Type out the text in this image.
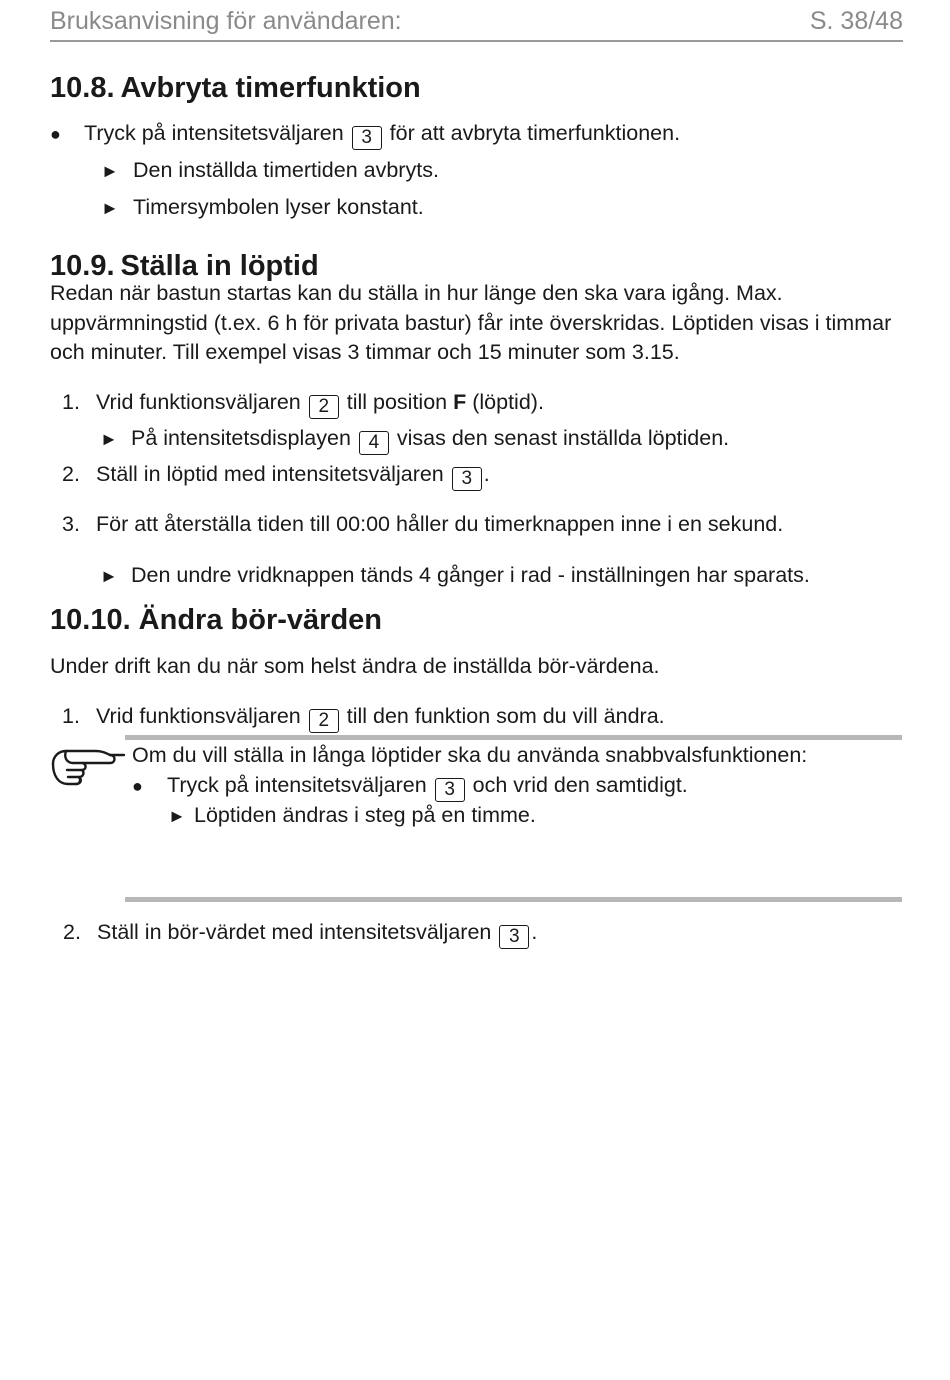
Bruksanvisning för användaren:	S. 38/48
10.8. Avbryta timerfunktion
● Tryck på intensitetsväljaren 3 för att avbryta timerfunktionen.
► Den inställda timertiden avbryts.
► Timersymbolen lyser konstant.
10.9. Ställa in löptid
Redan när bastun startas kan du ställa in hur länge den ska vara igång. Max. uppvärmningstid (t.ex. 6 h för privata bastur) får inte överskridas. Löptiden visas i timmar och minuter. Till exempel visas 3 timmar och 15 minuter som 3.15.
1. Vrid funktionsväljaren 2 till position F (löptid).
► På intensitetsdisplayen 4 visas den senast inställda löptiden.
2. Ställ in löptid med intensitetsväljaren 3 .
3. För att återställa tiden till 00:00 håller du timerknappen inne i en sekund.
► Den undre vridknappen tänds 4 gånger i rad - inställningen har sparats.
10.10. Ändra bör-värden
Under drift kan du när som helst ändra de inställda bör-värdena.
1. Vrid funktionsväljaren 2 till den funktion som du vill ändra.
Om du vill ställa in långa löptider ska du använda snabbvalsfunktionen:
● Tryck på intensitetsväljaren 3 och vrid den samtidigt.
► Löptiden ändras i steg på en timme.
2. Ställ in bör-värdet med intensitetsväljaren 3 .
